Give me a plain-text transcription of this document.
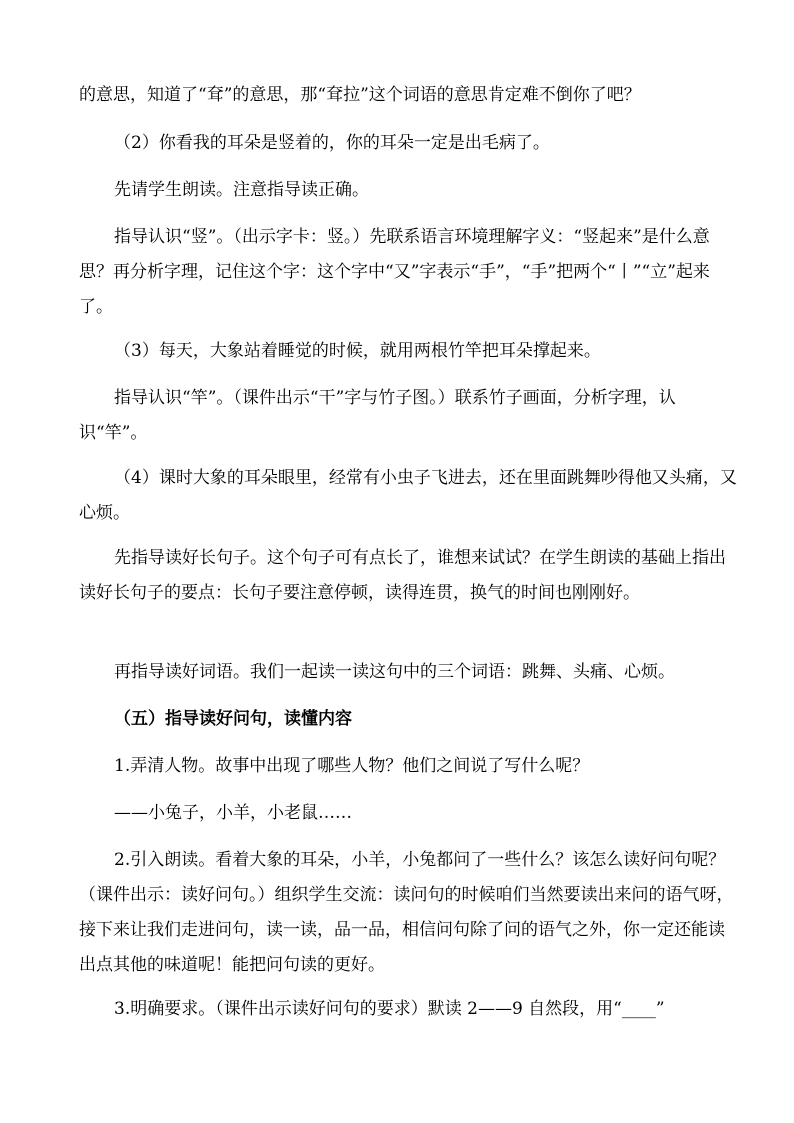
的意思，知道了“耷”的意思，那“耷拉”这个词语的意思肯定难不倒你了吧？

（2）你看我的耳朵是竖着的，你的耳朵一定是出毛病了。

先请学生朗读。注意指导读正确。

指导认识“竖”。（出示字卡：竖。）先联系语言环境理解字义：“竖起来”是什么意思？再分析字理，记住这个字：这个字中“又”字表示“手”，“手”把两个“丨”“立”起来了。

（3）每天，大象站着睡觉的时候，就用两根竹竿把耳朵撑起来。

指导认识“竿”。（课件出示“干”字与竹子图。）联系竹子画面，分析字理，认识“竿”。

（4）课时大象的耳朵眼里，经常有小虫子飞进去，还在里面跳舞吵得他又头痛，又心烦。

先指导读好长句子。这个句子可有点长了，谁想来试试？在学生朗读的基础上指出读好长句子的要点：长句子要注意停顿，读得连贯，换气的时间也刚刚好。

再指导读好词语。我们一起读一读这句中的三个词语：跳舞、头痛、心烦。

（五）指导读好问句，读懂内容

1.弄清人物。故事中出现了哪些人物？他们之间说了写什么呢？

——小兔子，小羊，小老鼠……

2.引入朗读。看着大象的耳朵，小羊，小兔都问了一些什么？该怎么读好问句呢？（课件出示：读好问句。）组织学生交流：读问句的时候咱们当然要读出来问的语气呀，接下来让我们走进问句，读一读，品一品，相信问句除了问的语气之外，你一定还能读出点其他的味道呢！能把问句读的更好。

3.明确要求。（课件出示读好问句的要求）默读 2——9 自然段，用“____”
